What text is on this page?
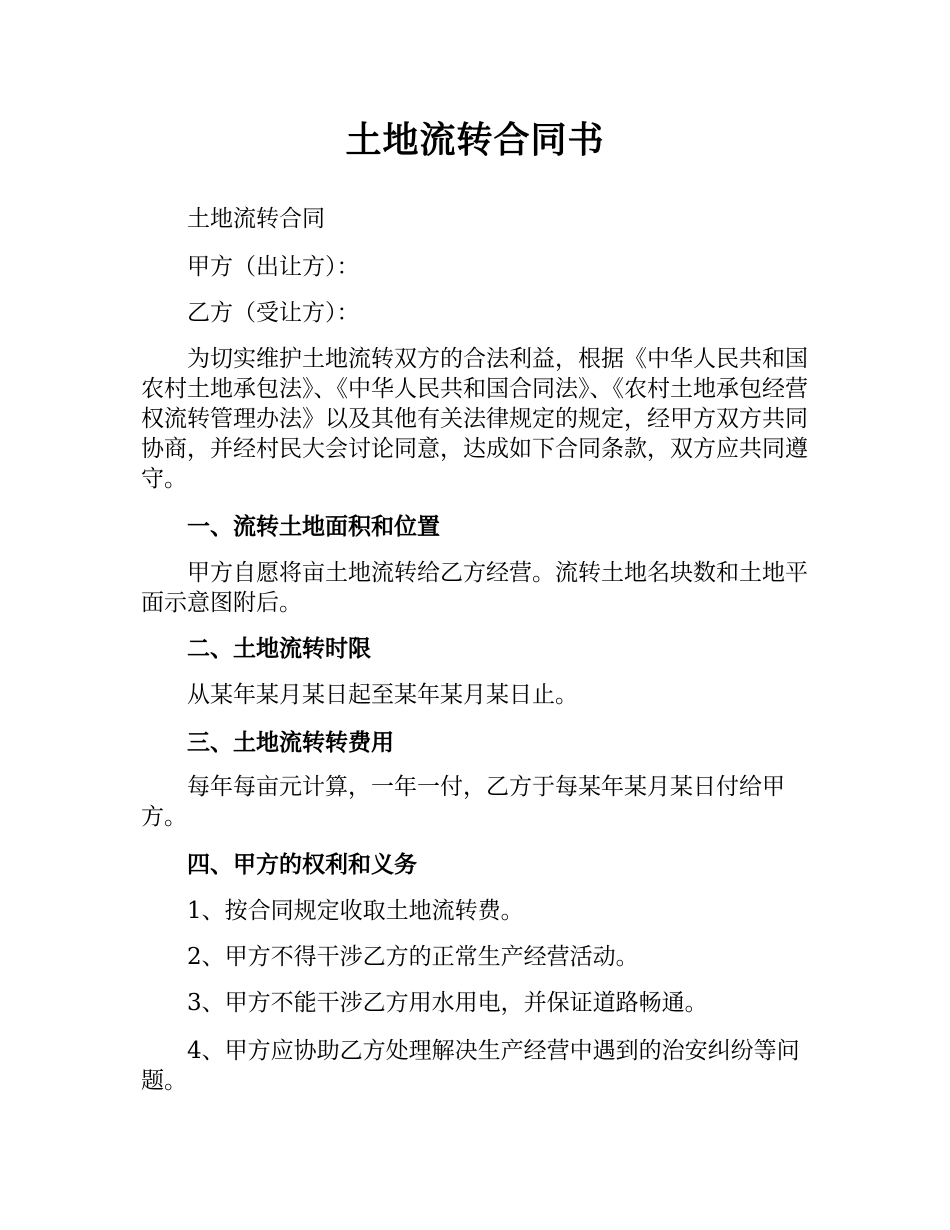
土地流转合同书

土地流转合同

甲方（出让方）：

乙方（受让方）：

为切实维护土地流转双方的合法利益，根据《中华人民共和国农村土地承包法》、《中华人民共和国合同法》、《农村土地承包经营权流转管理办法》以及其他有关法律规定的规定，经甲方双方共同协商，并经村民大会讨论同意，达成如下合同条款，双方应共同遵守。

一、流转土地面积和位置

甲方自愿将亩土地流转给乙方经营。流转土地名块数和土地平面示意图附后。

二、土地流转时限

从某年某月某日起至某年某月某日止。

三、土地流转转费用

每年每亩元计算，一年一付，乙方于每某年某月某日付给甲方。

四、甲方的权利和义务

1、按合同规定收取土地流转费。

2、甲方不得干涉乙方的正常生产经营活动。

3、甲方不能干涉乙方用水用电，并保证道路畅通。

4、甲方应协助乙方处理解决生产经营中遇到的治安纠纷等问题。
